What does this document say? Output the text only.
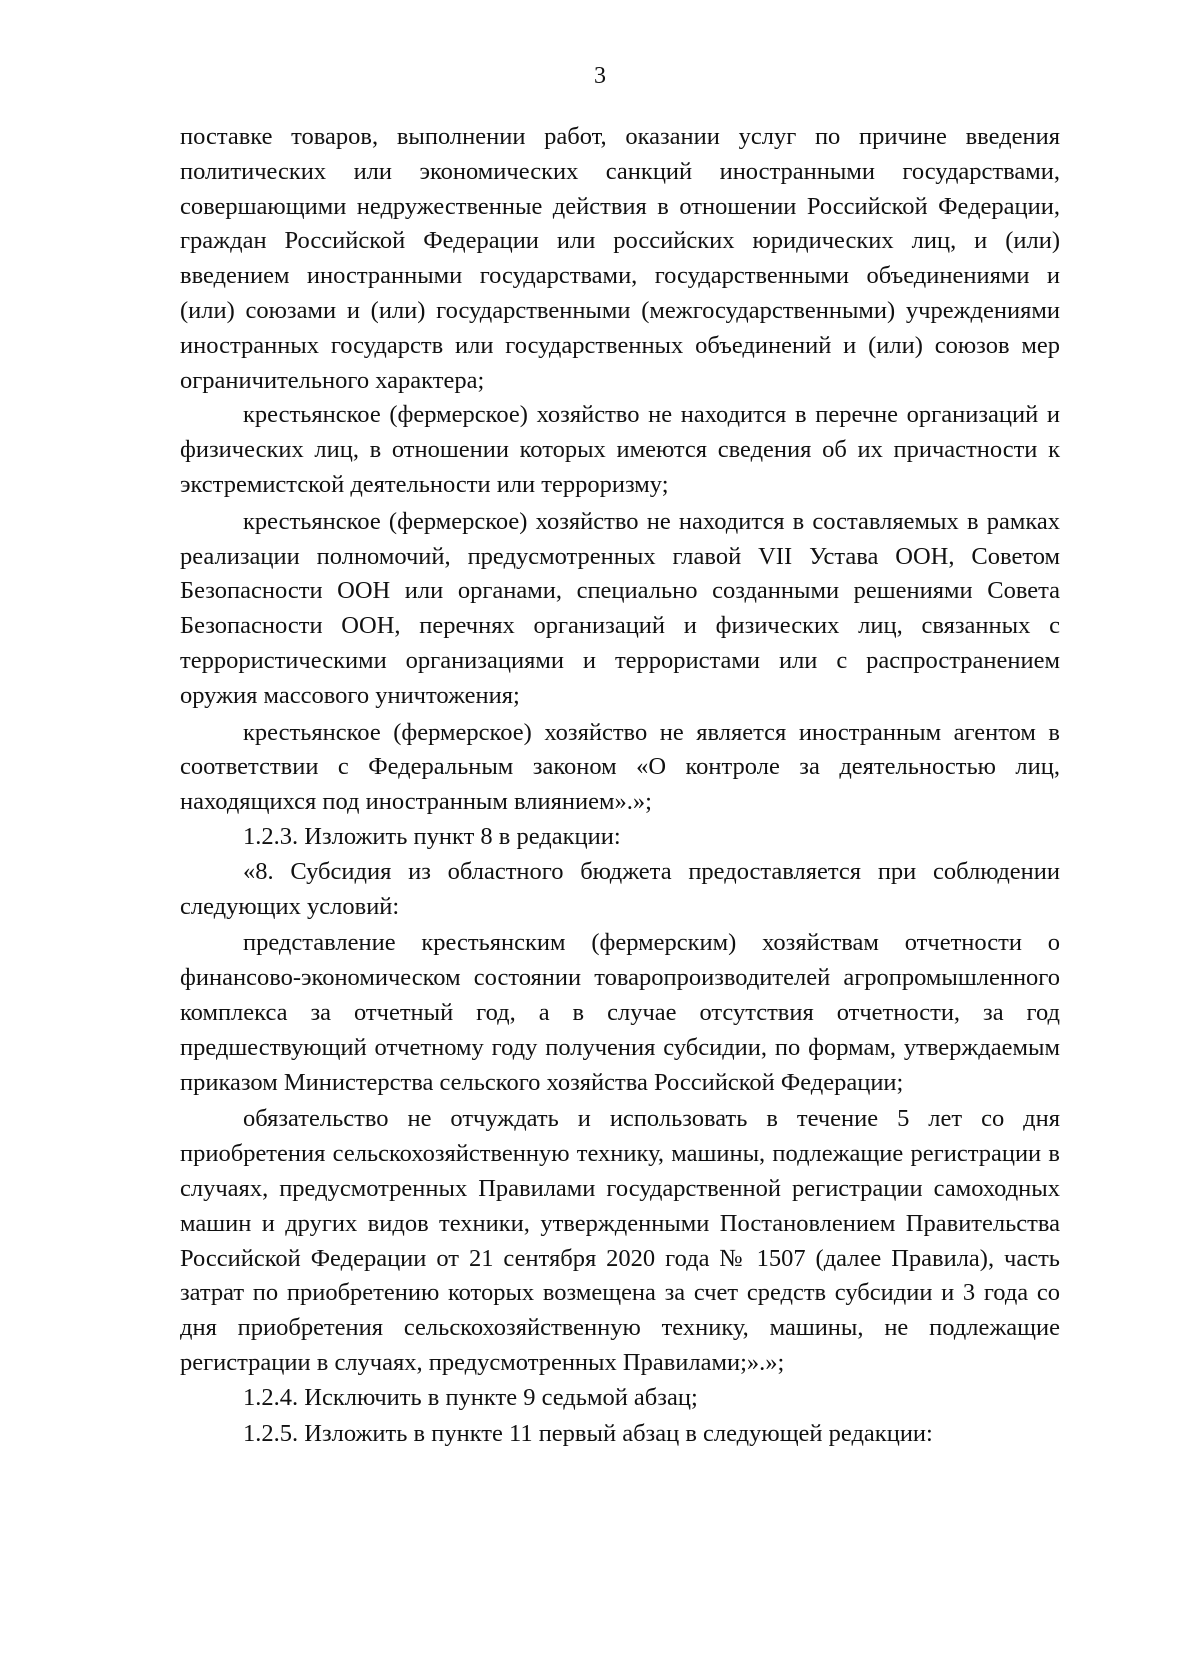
3

поставке товаров, выполнении работ, оказании услуг по причине введения политических или экономических санкций иностранными государствами, совершающими недружественные действия в отношении Российской Федерации, граждан Российской Федерации или российских юридических лиц, и (или) введением иностранными государствами, государственными объединениями и (или) союзами и (или) государственными (межгосударственными) учреждениями иностранных государств или государственных объединений и (или) союзов мер ограничительного характера;

крестьянское (фермерское) хозяйство не находится в перечне организаций и физических лиц, в отношении которых имеются сведения об их причастности к экстремистской деятельности или терроризму;

крестьянское (фермерское) хозяйство не находится в составляемых в рамках реализации полномочий, предусмотренных главой VII Устава ООН, Советом Безопасности ООН или органами, специально созданными решениями Совета Безопасности ООН, перечнях организаций и физических лиц, связанных с террористическими организациями и террористами или с распространением оружия массового уничтожения;

крестьянское (фермерское) хозяйство не является иностранным агентом в соответствии с Федеральным законом «О контроле за деятельностью лиц, находящихся под иностранным влиянием».»;

1.2.3. Изложить пункт 8 в редакции:

«8. Субсидия из областного бюджета предоставляется при соблюдении следующих условий:

представление крестьянским (фермерским) хозяйствам отчетности о финансово-экономическом состоянии товаропроизводителей агропромышленного комплекса за отчетный год, а в случае отсутствия отчетности, за год предшествующий отчетному году получения субсидии, по формам, утверждаемым приказом Министерства сельского хозяйства Российской Федерации;

обязательство не отчуждать и использовать в течение 5 лет со дня приобретения сельскохозяйственную технику, машины, подлежащие регистрации в случаях, предусмотренных Правилами государственной регистрации самоходных машин и других видов техники, утвержденными Постановлением Правительства Российской Федерации от 21 сентября 2020 года № 1507 (далее Правила), часть затрат по приобретению которых возмещена за счет средств субсидии и 3 года со дня приобретения сельскохозяйственную технику, машины, не подлежащие регистрации в случаях, предусмотренных Правилами;».»;

1.2.4. Исключить в пункте 9 седьмой абзац;

1.2.5. Изложить в пункте 11 первый абзац в следующей редакции:
